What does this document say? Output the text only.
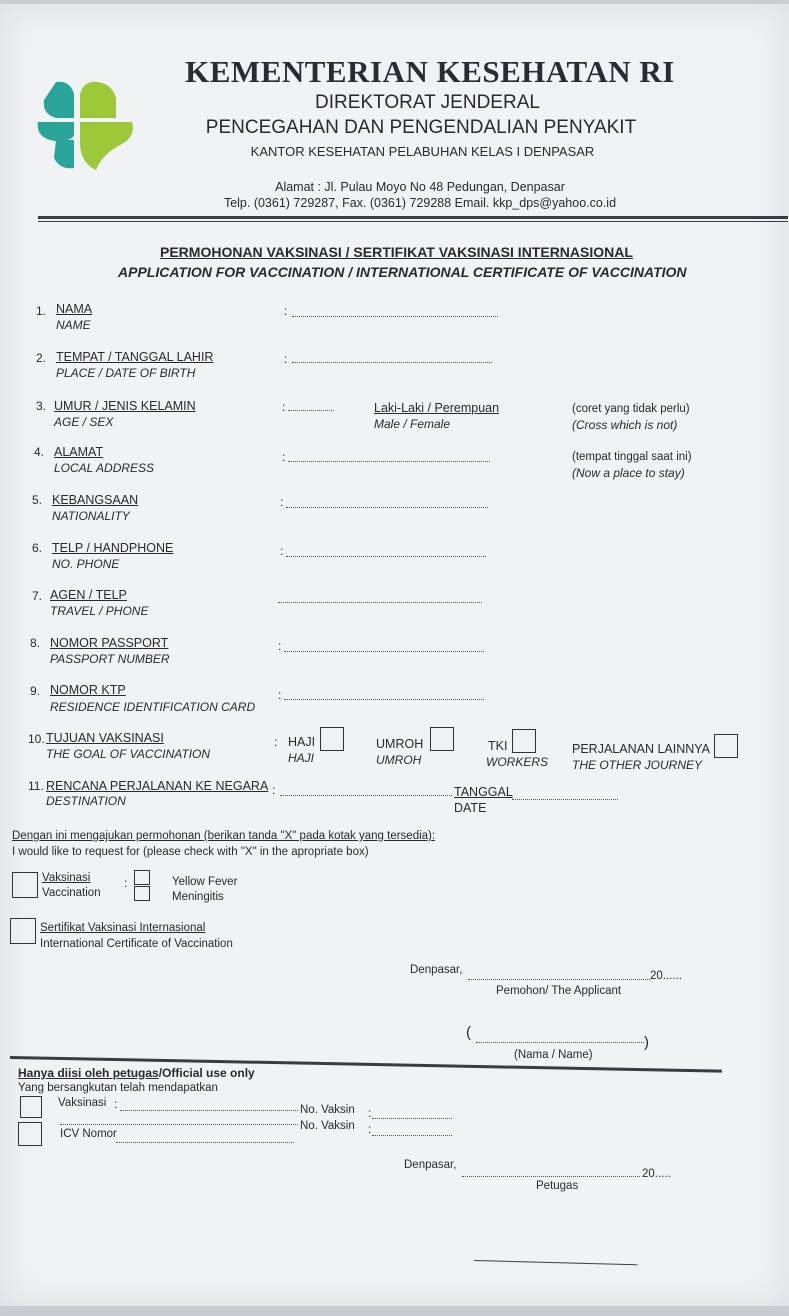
KEMENTERIAN KESEHATAN RI
DIREKTORAT JENDERAL
PENCEGAHAN DAN PENGENDALIAN PENYAKIT
KANTOR KESEHATAN PELABUHAN KELAS I DENPASAR
Alamat : Jl. Pulau Moyo No 48 Pedungan, Denpasar
Telp. (0361) 729287, Fax. (0361) 729288 Email. kkp_dps@yahoo.co.id
PERMOHONAN VAKSINASI / SERTIFIKAT VAKSINASI INTERNASIONAL
APPLICATION FOR VACCINATION / INTERNATIONAL CERTIFICATE OF VACCINATION
1. NAMA
NAME
:
2. TEMPAT / TANGGAL LAHIR
PLACE / DATE OF BIRTH
:
3. UMUR / JENIS KELAMIN
AGE / SEX
:	Laki-Laki / Perempuan
Male / Female
(coret yang tidak perlu)
(Cross which is not)
4. ALAMAT
LOCAL ADDRESS
:	(tempat tinggal saat ini)
(Now a place to stay)
5. KEBANGSAAN
NATIONALITY
:
6. TELP / HANDPHONE
NO. PHONE
:
7. AGEN / TELP
TRAVEL / PHONE
8. NOMOR PASSPORT
PASSPORT NUMBER
:
9. NOMOR KTP
RESIDENCE IDENTIFICATION CARD
:
10. TUJUAN VAKSINASI
THE GOAL OF VACCINATION
: HAJI
HAJI
UMROH
UMROH
TKI
WORKERS
PERJALANAN LAINNYA
THE OTHER JOURNEY
11. RENCANA PERJALANAN KE NEGARA
DESTINATION
:	TANGGAL
DATE
Dengan ini mengajukan permohonan (berikan tanda "X" pada kotak yang tersedia):
I would like to request for (please check with "X" in the apropriate box)
Vaksinasi
Vaccination
:	Yellow Fever
Meningitis
Sertifikat Vaksinasi Internasional
International Certificate of Vaccination
Denpasar,	20......
Pemohon/ The Applicant
(
)
(Nama / Name)
Hanya diisi oleh petugas/Official use only
Yang bersangkutan telah mendapatkan
Vaksinasi :	No. Vaksin :
ICV Nomor
No. Vaksin :
Denpasar,
20.....
Petugas
